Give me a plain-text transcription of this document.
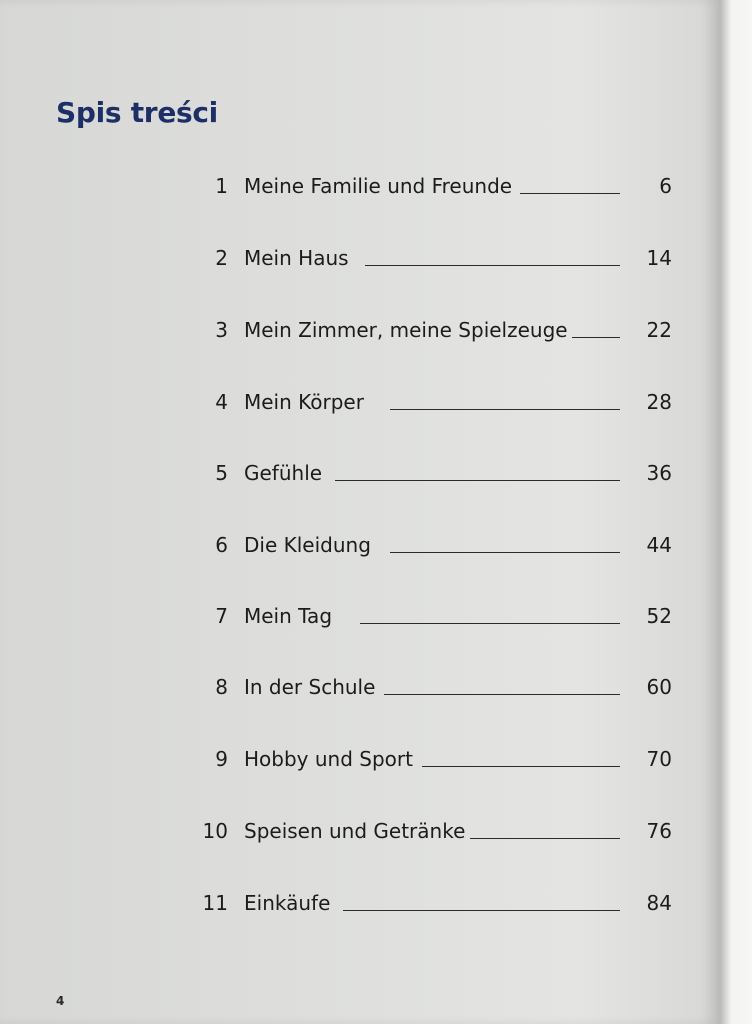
Spis treści
1 Meine Familie und Freunde	6
2 Mein Haus	14
3 Mein Zimmer, meine Spielzeuge	22
4 Mein Körper	28
5 Gefühle	36
6 Die Kleidung	44
7 Mein Tag	52
8 In der Schule	60
9 Hobby und Sport	70
10 Speisen und Getränke	76
11 Einkäufe	84
4
